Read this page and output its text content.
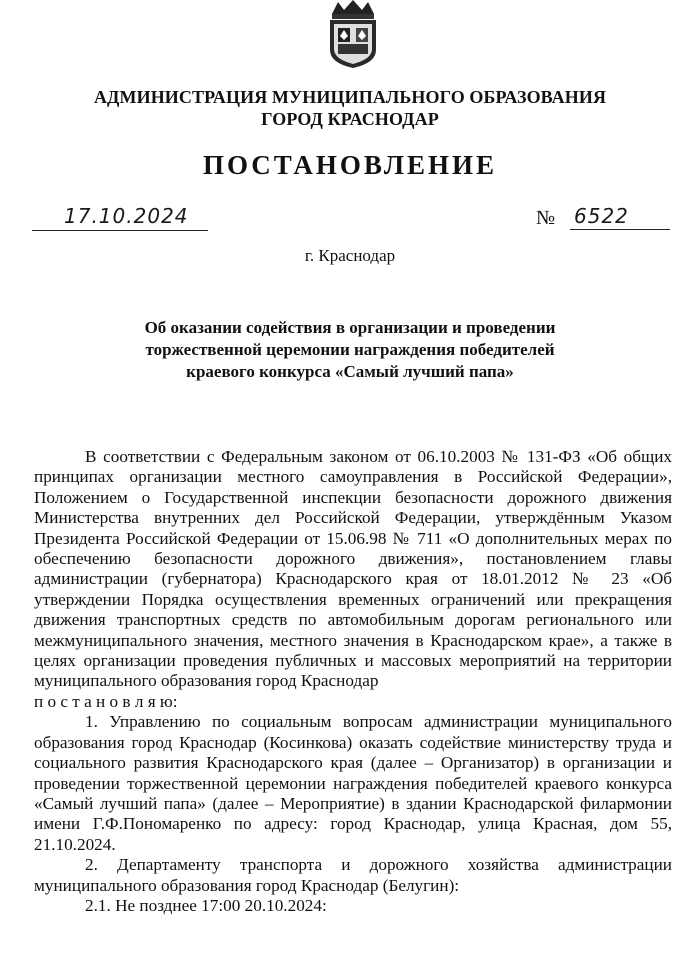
АДМИНИСТРАЦИЯ МУНИЦИПАЛЬНОГО ОБРАЗОВАНИЯ
ГОРОД КРАСНОДАР
ПОСТАНОВЛЕНИЕ
17.10.2024	№ 6522
г. Краснодар
Об оказании содействия в организации и проведении
торжественной церемонии награждения победителей
краевого конкурса «Самый лучший папа»

В соответствии с Федеральным законом от 06.10.2003 № 131-ФЗ «Об общих принципах организации местного самоуправления в Российской Федерации», Положением о Государственной инспекции безопасности дорожного движения Министерства внутренних дел Российской Федерации, утверждённым Указом Президента Российской Федерации от 15.06.98 № 711 «О дополнительных мерах по обеспечению безопасности дорожного движения», постановлением главы администрации (губернатора) Краснодарского края от 18.01.2012 № 23 «Об утверждении Порядка осуществления временных ограничений или прекращения движения транспортных средств по автомобильным дорогам регионального или межмуниципального значения, местного значения в Краснодарском крае», а также в целях организации проведения публичных и массовых мероприятий на территории муниципального образования город Краснодар

п о с т а н о в л я ю:

1. Управлению по социальным вопросам администрации муниципального образования город Краснодар (Косинкова) оказать содействие министерству труда и социального развития Краснодарского края (далее – Организатор) в организации и проведении торжественной церемонии награждения победителей краевого конкурса «Самый лучший папа» (далее – Мероприятие) в здании Краснодарской филармонии имени Г.Ф.Пономаренко по адресу: город Краснодар, улица Красная, дом 55, 21.10.2024.

2. Департаменту транспорта и дорожного хозяйства администрации муниципального образования город Краснодар (Белугин):

2.1. Не позднее 17:00 20.10.2024:
